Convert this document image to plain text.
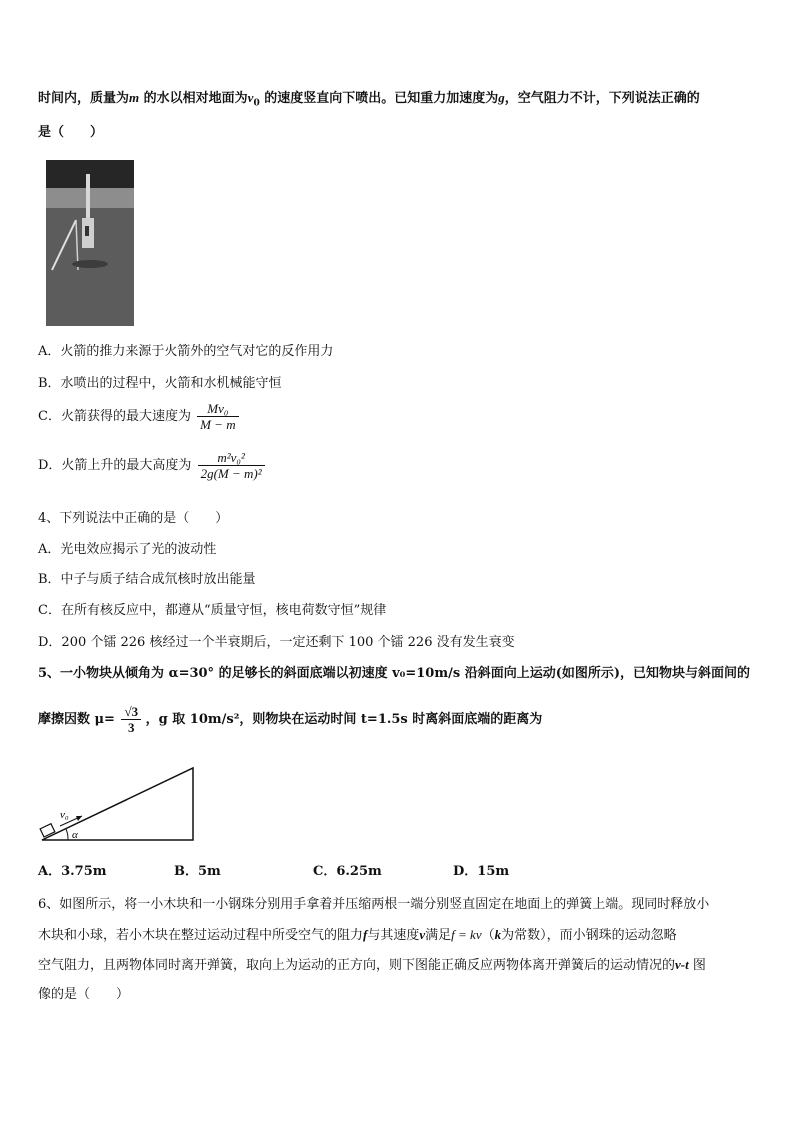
时间内，质量为m 的水以相对地面为$v_0$ 的速度竖直向下喷出。已知重力加速度为g，空气阻力不计，下列说法正确的
是（　　）
A．火箭的推力来源于火箭外的空气对它的反作用力
B．水喷出的过程中，火箭和水机械能守恒
C．火箭获得的最大速度为 $\frac{\text{Mv₀}}{M - m}$
D．火箭上升的最大高度为 $\frac{\text{m²v₀²}}{\text{2g(M − m)²}}$
4、下列说法中正确的是（　　）
A．光电效应揭示了光的波动性
B．中子与质子结合成氘核时放出能量
C．在所有核反应中，都遵从“质量守恒，核电荷数守恒”规律
D．200 个镭 226 核经过一个半衰期后，一定还剩下 100 个镭 226 没有发生衰变
5、一小物块从倾角为 α=30° 的足够长的斜面底端以初速度 v₀=10m/s 沿斜面向上运动(如图所示)，已知物块与斜面间的
摩擦因数 $\mu= \frac{√3}{3}$ ，g 取 10m/s²，则物块在运动时间 t=1.5s 时离斜面底端的距离为
v₀
α
A．3.75m	B．5m	C．6.25m	D．15m
6、如图所示，将一小木块和一小钢珠分别用手拿着并压缩两根一端分别竖直固定在地面上的弹簧上端。现同时释放小
木块和小球，若小木块在整过运动过程中所受空气的阻力f与其速度v满足f = kv（k为常数），而小钢珠的运动忽略
空气阻力，且两物体同时离开弹簧，取向上为运动的正方向，则下图能正确反应两物体离开弹簧后的运动情况的v-t 图
像的是（　　）
